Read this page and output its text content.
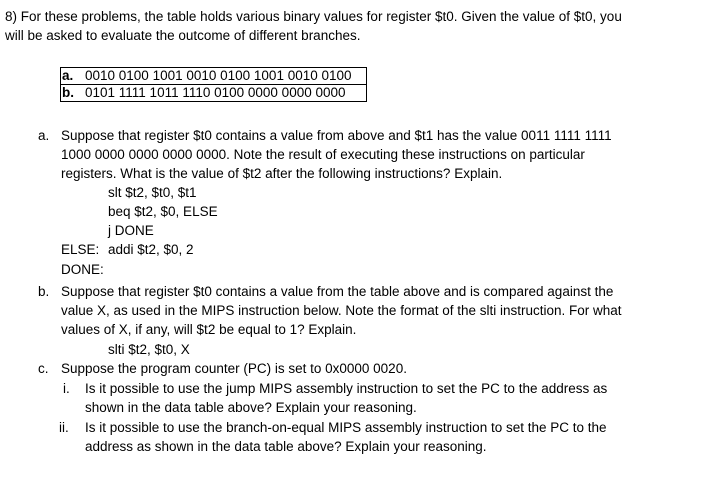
8) For these problems, the table holds various binary values for register $t0. Given the value of $t0, you
will be asked to evaluate the outcome of different branches.
a.	0010 0100 1001 0010 0100 1001 0010 0100
b.	0101 1111 1011 1110 0100 0000 0000 0000
a. Suppose that register $t0 contains a value from above and $t1 has the value 0011 1111 1111
1000 0000 0000 0000 0000. Note the result of executing these instructions on particular
registers. What is the value of $t2 after the following instructions? Explain.
slt $t2, $t0, $t1
beq $t2, $0, ELSE
j DONE
ELSE: addi $t2, $0, 2
DONE:
b. Suppose that register $t0 contains a value from the table above and is compared against the
value X, as used in the MIPS instruction below. Note the format of the slti instruction. For what
values of X, if any, will $t2 be equal to 1? Explain.
slti $t2, $t0, X
c. Suppose the program counter (PC) is set to 0x0000 0020.
i. Is it possible to use the jump MIPS assembly instruction to set the PC to the address as
shown in the data table above? Explain your reasoning.
ii. Is it possible to use the branch-on-equal MIPS assembly instruction to set the PC to the
address as shown in the data table above? Explain your reasoning.
